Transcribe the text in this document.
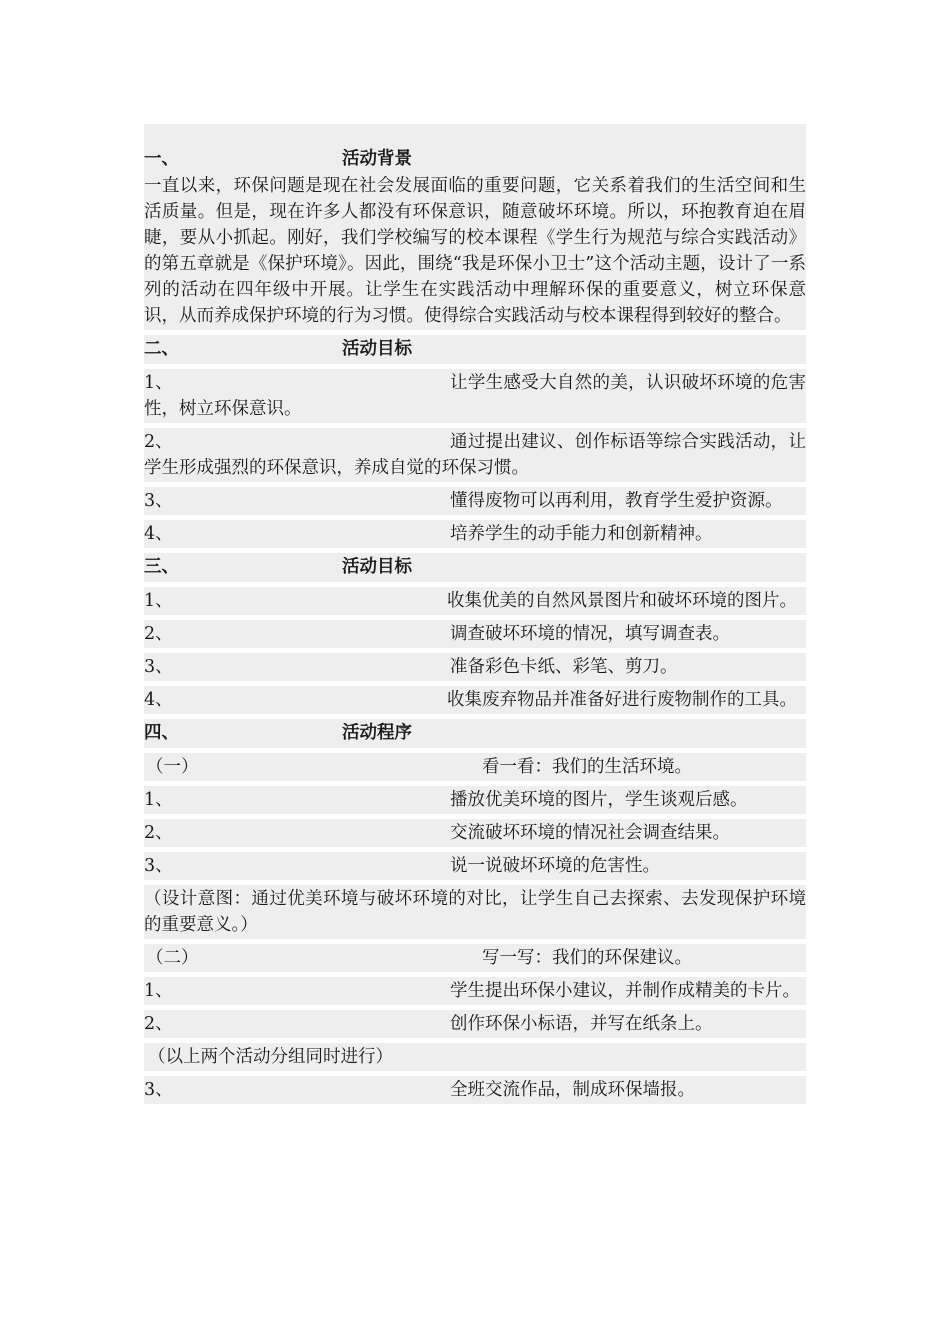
一、	活动背景
一直以来，环保问题是现在社会发展面临的重要问题，它关系着我们的生活空间和生活质量。但是，现在许多人都没有环保意识，随意破坏环境。所以，环抱教育迫在眉睫，要从小抓起。刚好，我们学校编写的校本课程《学生行为规范与综合实践活动》的第五章就是《保护环境》。因此，围绕“我是环保小卫士”这个活动主题，设计了一系列的活动在四年级中开展。让学生在实践活动中理解环保的重要意义，树立环保意识，从而养成保护环境的行为习惯。使得综合实践活动与校本课程得到较好的整合。
二、	活动目标
1、	让学生感受大自然的美，认识破坏环境的危害性，树立环保意识。
2、	通过提出建议、创作标语等综合实践活动，让学生形成强烈的环保意识，养成自觉的环保习惯。
3、	懂得废物可以再利用，教育学生爱护资源。
4、	培养学生的动手能力和创新精神。
三、	活动目标
1、	收集优美的自然风景图片和破坏环境的图片。
2、	调查破坏环境的情况，填写调查表。
3、	准备彩色卡纸、彩笔、剪刀。
4、	收集废弃物品并准备好进行废物制作的工具。
四、	活动程序
（一）	看一看：我们的生活环境。
1、	播放优美环境的图片，学生谈观后感。
2、	交流破坏环境的情况社会调查结果。
3、	说一说破坏环境的危害性。
（设计意图：通过优美环境与破坏环境的对比，让学生自己去探索、去发现保护环境的重要意义。）
（二）	写一写：我们的环保建议。
1、	学生提出环保小建议，并制作成精美的卡片。
2、	创作环保小标语，并写在纸条上。
（以上两个活动分组同时进行）
3、	全班交流作品，制成环保墙报。
